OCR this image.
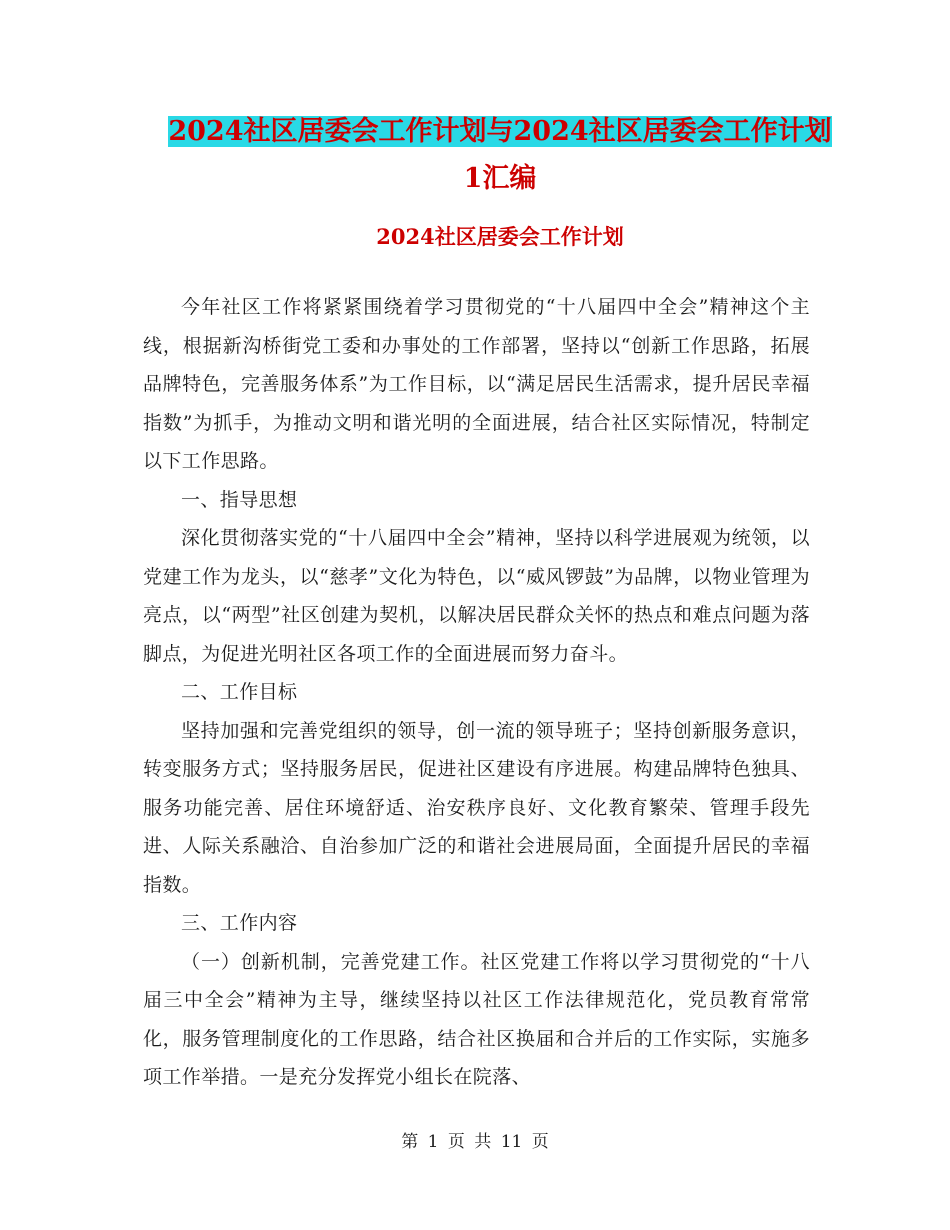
2024社区居委会工作计划与2024社区居委会工作计划
1汇编
2024社区居委会工作计划

今年社区工作将紧紧围绕着学习贯彻党的“十八届四中全会”精神这个主线，根据新沟桥街党工委和办事处的工作部署，坚持以“创新工作思路，拓展品牌特色，完善服务体系”为工作目标，以“满足居民生活需求，提升居民幸福指数”为抓手，为推动文明和谐光明的全面进展，结合社区实际情况，特制定以下工作思路。

一、指导思想

深化贯彻落实党的“十八届四中全会”精神，坚持以科学进展观为统领，以党建工作为龙头，以“慈孝”文化为特色，以“威风锣鼓”为品牌，以物业管理为亮点，以“两型”社区创建为契机，以解决居民群众关怀的热点和难点问题为落脚点，为促进光明社区各项工作的全面进展而努力奋斗。

二、工作目标

坚持加强和完善党组织的领导，创一流的领导班子；坚持创新服务意识，转变服务方式；坚持服务居民，促进社区建设有序进展。构建品牌特色独具、服务功能完善、居住环境舒适、治安秩序良好、文化教育繁荣、管理手段先进、人际关系融洽、自治参加广泛的和谐社会进展局面，全面提升居民的幸福指数。

三、工作内容

（一）创新机制，完善党建工作。社区党建工作将以学习贯彻党的“十八届三中全会”精神为主导，继续坚持以社区工作法律规范化，党员教育常常化，服务管理制度化的工作思路，结合社区换届和合并后的工作实际，实施多项工作举措。一是充分发挥党小组长在院落、

第 1 页 共 11 页
